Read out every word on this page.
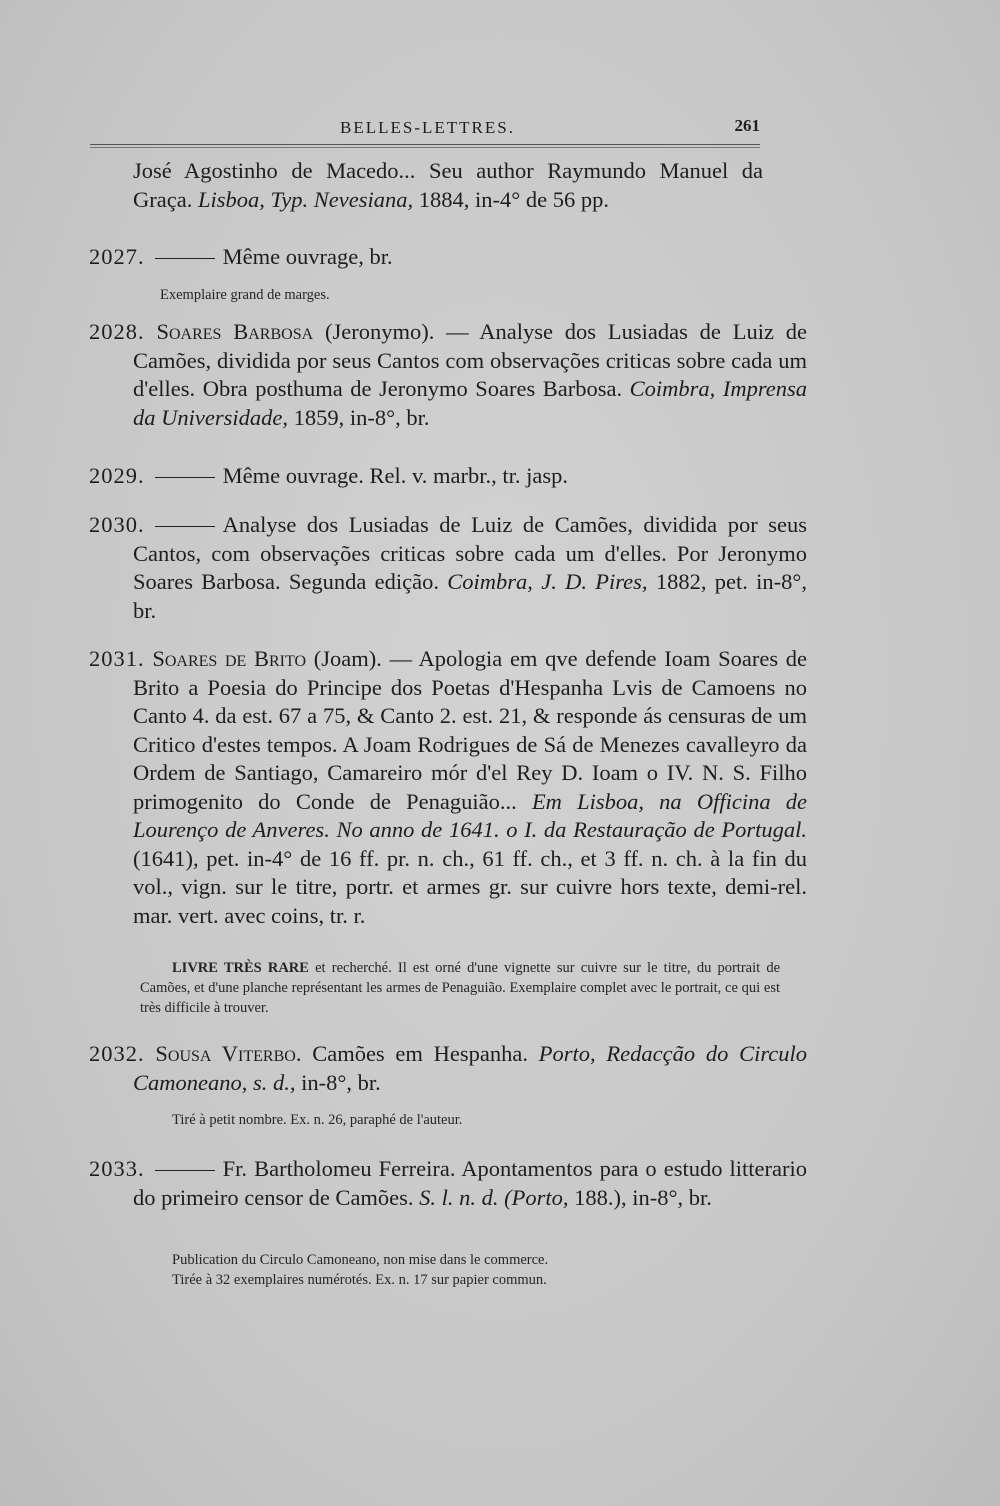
BELLES-LETTRES.	261
José Agostinho de Macedo... Seu author Raymundo Manuel da Graça. Lisboa, Typ. Nevesiana, 1884, in-4° de 56 pp.
2027.	Même ouvrage, br.
Exemplaire grand de marges.
2028. Soares Barbosa (Jeronymo). — Analyse dos Lusiadas de Luiz de Camões, dividida por seus Cantos com observações criticas sobre cada um d'elles. Obra posthuma de Jeronymo Soares Barbosa. Coimbra, Imprensa da Universidade, 1859, in-8°, br.
2029.	Même ouvrage. Rel. v. marbr., tr. jasp.
2030.	Analyse dos Lusiadas de Luiz de Camões, dividida por seus Cantos, com observações criticas sobre cada um d'elles. Por Jeronymo Soares Barbosa. Segunda edição. Coimbra, J. D. Pires, 1882, pet. in-8°, br.
2031. Soares de Brito (Joam). — Apologia em qve defende Ioam Soares de Brito a Poesia do Principe dos Poetas d'Hespanha Lvis de Camoens no Canto 4. da est. 67 a 75, & Canto 2. est. 21, & responde ás censuras de um Critico d'estes tempos. A Joam Rodrigues de Sá de Menezes cavalleyro da Ordem de Santiago, Camareiro mór d'el Rey D. Ioam o IV. N. S. Filho primogenito do Conde de Penaguião... Em Lisboa, na Officina de Lourenço de Anveres. No anno de 1641. o I. da Restauração de Portugal. (1641), pet. in-4° de 16 ff. pr. n. ch., 61 ff. ch., et 3 ff. n. ch. à la fin du vol., vign. sur le titre, portr. et armes gr. sur cuivre hors texte, demi-rel. mar. vert. avec coins, tr. r.
LIVRE TRÈS RARE et recherché. Il est orné d'une vignette sur cuivre sur le titre, du portrait de Camões, et d'une planche représentant les armes de Penaguião. Exemplaire complet avec le portrait, ce qui est très difficile à trouver.
2032. Sousa Viterbo. Camões em Hespanha. Porto, Redacção do Circulo Camoneano, s. d., in-8°, br.
Tiré à petit nombre. Ex. n. 26, paraphé de l'auteur.
2033.	Fr. Bartholomeu Ferreira. Apontamentos para o estudo litterario do primeiro censor de Camões. S. l. n. d. (Porto, 188.), in-8°, br.
Publication du Circulo Camoneano, non mise dans le commerce.
Tirée à 32 exemplaires numérotés. Ex. n. 17 sur papier commun.
